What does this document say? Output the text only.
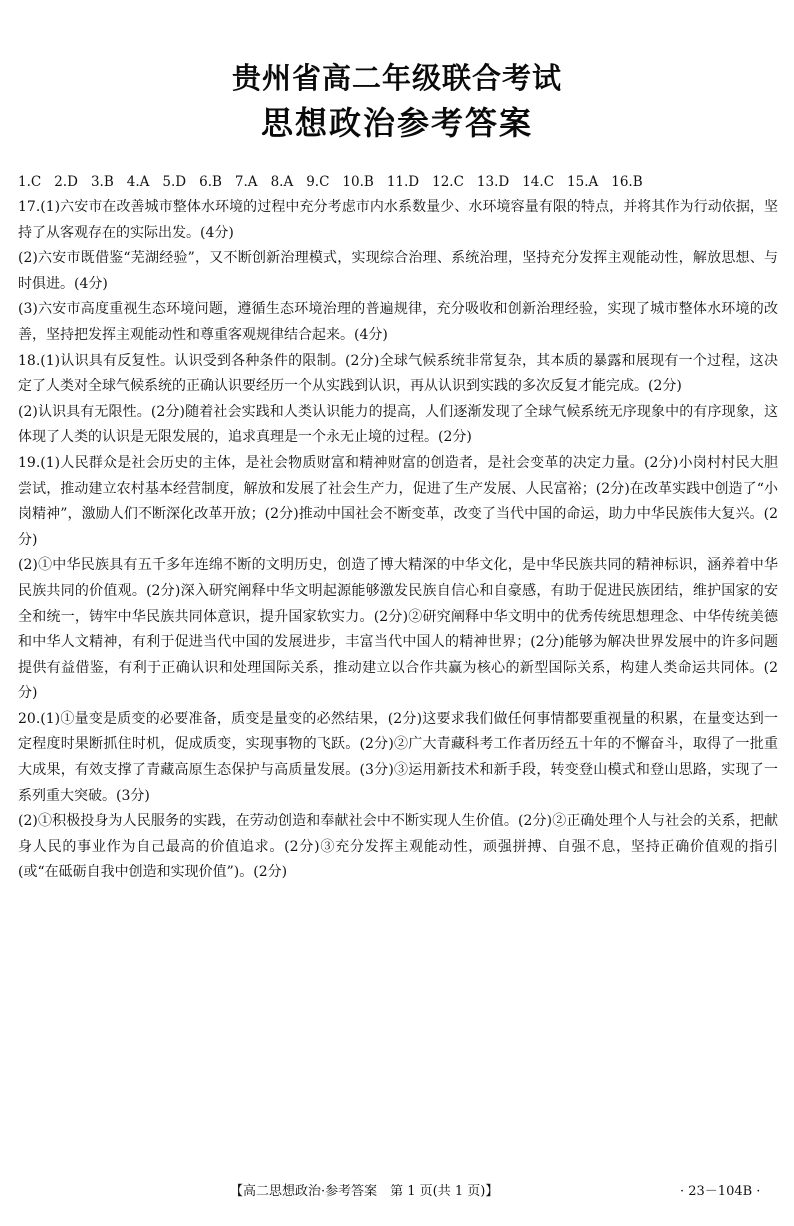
贵州省高二年级联合考试
思想政治参考答案
1.C 2.D 3.B 4.A 5.D 6.B 7.A 8.A 9.C 10.B 11.D 12.C 13.D 14.C 15.A 16.B

17.(1)六安市在改善城市整体水环境的过程中充分考虑市内水系数量少、水环境容量有限的特点，并将其作为行动依据，坚持了从客观存在的实际出发。(4分)

(2)六安市既借鉴“芜湖经验”，又不断创新治理模式，实现综合治理、系统治理，坚持充分发挥主观能动性，解放思想、与时俱进。(4分)

(3)六安市高度重视生态环境问题，遵循生态环境治理的普遍规律，充分吸收和创新治理经验，实现了城市整体水环境的改善，坚持把发挥主观能动性和尊重客观规律结合起来。(4分)

18.(1)认识具有反复性。认识受到各种条件的限制。(2分)全球气候系统非常复杂，其本质的暴露和展现有一个过程，这决定了人类对全球气候系统的正确认识要经历一个从实践到认识，再从认识到实践的多次反复才能完成。(2分)

(2)认识具有无限性。(2分)随着社会实践和人类认识能力的提高，人们逐渐发现了全球气候系统无序现象中的有序现象，这体现了人类的认识是无限发展的，追求真理是一个永无止境的过程。(2分)

19.(1)人民群众是社会历史的主体，是社会物质财富和精神财富的创造者，是社会变革的决定力量。(2分)小岗村村民大胆尝试，推动建立农村基本经营制度，解放和发展了社会生产力，促进了生产发展、人民富裕；(2分)在改革实践中创造了“小岗精神”，激励人们不断深化改革开放；(2分)推动中国社会不断变革，改变了当代中国的命运，助力中华民族伟大复兴。(2分)

(2)①中华民族具有五千多年连绵不断的文明历史，创造了博大精深的中华文化，是中华民族共同的精神标识，涵养着中华民族共同的价值观。(2分)深入研究阐释中华文明起源能够激发民族自信心和自豪感，有助于促进民族团结，维护国家的安全和统一，铸牢中华民族共同体意识，提升国家软实力。(2分)②研究阐释中华文明中的优秀传统思想理念、中华传统美德和中华人文精神，有利于促进当代中国的发展进步，丰富当代中国人的精神世界；(2分)能够为解决世界发展中的许多问题提供有益借鉴，有利于正确认识和处理国际关系，推动建立以合作共赢为核心的新型国际关系，构建人类命运共同体。(2分)

20.(1)①量变是质变的必要准备，质变是量变的必然结果，(2分)这要求我们做任何事情都要重视量的积累，在量变达到一定程度时果断抓住时机，促成质变，实现事物的飞跃。(2分)②广大青藏科考工作者历经五十年的不懈奋斗，取得了一批重大成果，有效支撑了青藏高原生态保护与高质量发展。(3分)③运用新技术和新手段，转变登山模式和登山思路，实现了一系列重大突破。(3分)

(2)①积极投身为人民服务的实践，在劳动创造和奉献社会中不断实现人生价值。(2分)②正确处理个人与社会的关系，把献身人民的事业作为自己最高的价值追求。(2分)③充分发挥主观能动性，顽强拼搏、自强不息，坚持正确价值观的指引(或“在砥砺自我中创造和实现价值”)。(2分)

【高二思想政治·参考答案　第 1 页(共 1 页)】	· 23－104B ·
